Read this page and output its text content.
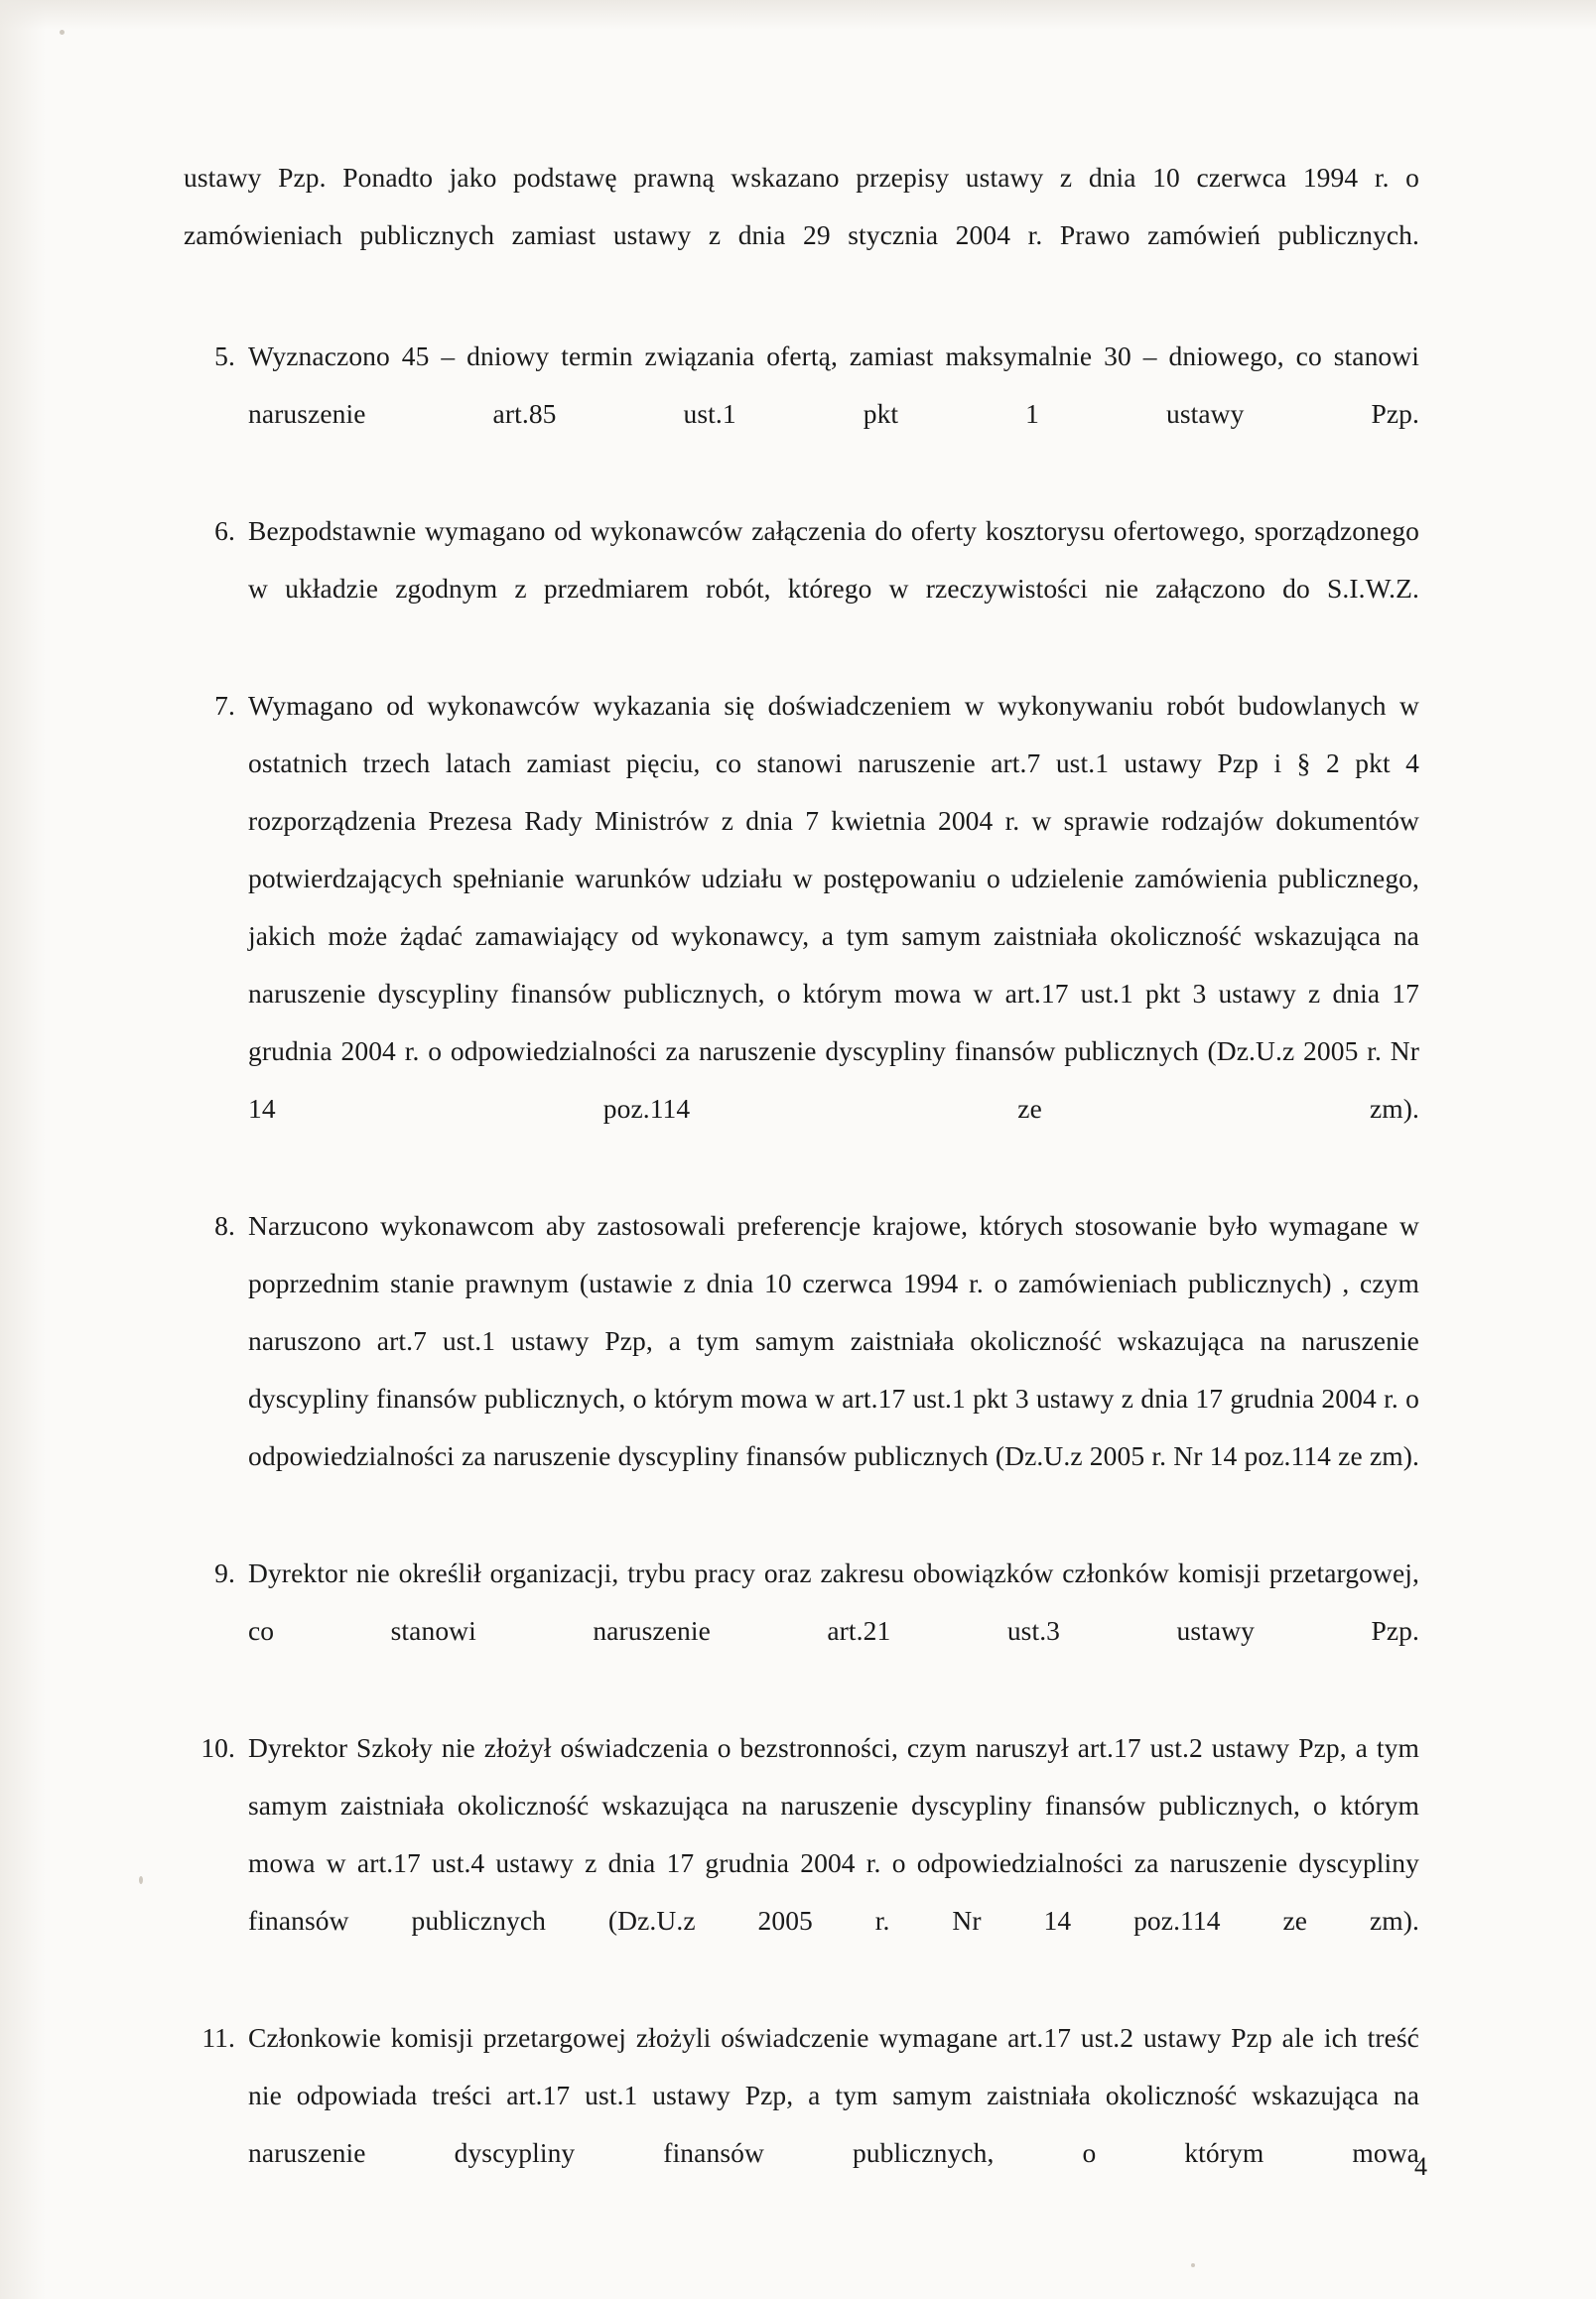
ustawy Pzp. Ponadto jako podstawę prawną wskazano przepisy ustawy z dnia 10 czerwca 1994 r. o zamówieniach publicznych zamiast ustawy z dnia 29 stycznia 2004 r. Prawo zamówień publicznych.

5. Wyznaczono 45 – dniowy termin związania ofertą, zamiast maksymalnie 30 – dniowego, co stanowi naruszenie art.85 ust.1 pkt 1 ustawy Pzp.
6. Bezpodstawnie wymagano od wykonawców załączenia do oferty kosztorysu ofertowego, sporządzonego w układzie zgodnym z przedmiarem robót, którego w rzeczywistości nie załączono do S.I.W.Z.
7. Wymagano od wykonawców wykazania się doświadczeniem w wykonywaniu robót budowlanych w ostatnich trzech latach zamiast pięciu, co stanowi naruszenie art.7 ust.1 ustawy Pzp i § 2 pkt 4 rozporządzenia Prezesa Rady Ministrów z dnia 7 kwietnia 2004 r. w sprawie rodzajów dokumentów potwierdzających spełnianie warunków udziału w postępowaniu o udzielenie zamówienia publicznego, jakich może żądać zamawiający od wykonawcy, a tym samym zaistniała okoliczność wskazująca na naruszenie dyscypliny finansów publicznych, o którym mowa w art.17 ust.1 pkt 3 ustawy z dnia 17 grudnia 2004 r. o odpowiedzialności za naruszenie dyscypliny finansów publicznych (Dz.U.z 2005 r. Nr 14 poz.114 ze zm).
8. Narzucono wykonawcom aby zastosowali preferencje krajowe, których stosowanie było wymagane w poprzednim stanie prawnym (ustawie z dnia 10 czerwca 1994 r. o zamówieniach publicznych) , czym naruszono art.7 ust.1 ustawy Pzp, a tym samym zaistniała okoliczność wskazująca na naruszenie dyscypliny finansów publicznych, o którym mowa w art.17 ust.1 pkt 3 ustawy z dnia 17 grudnia 2004 r. o odpowiedzialności za naruszenie dyscypliny finansów publicznych (Dz.U.z 2005 r. Nr 14 poz.114 ze zm).
9. Dyrektor nie określił organizacji, trybu pracy oraz zakresu obowiązków członków komisji przetargowej, co stanowi naruszenie art.21 ust.3 ustawy Pzp.
10. Dyrektor Szkoły nie złożył oświadczenia o bezstronności, czym naruszył art.17 ust.2 ustawy Pzp, a tym samym zaistniała okoliczność wskazująca na naruszenie dyscypliny finansów publicznych, o którym mowa w art.17 ust.4 ustawy z dnia 17 grudnia 2004 r. o odpowiedzialności za naruszenie dyscypliny finansów publicznych (Dz.U.z 2005 r. Nr 14 poz.114 ze zm).
11. Członkowie komisji przetargowej złożyli oświadczenie wymagane art.17 ust.2 ustawy Pzp ale ich treść nie odpowiada treści art.17 ust.1 ustawy Pzp, a tym samym zaistniała okoliczność wskazująca na naruszenie dyscypliny finansów publicznych, o którym mowa
4
